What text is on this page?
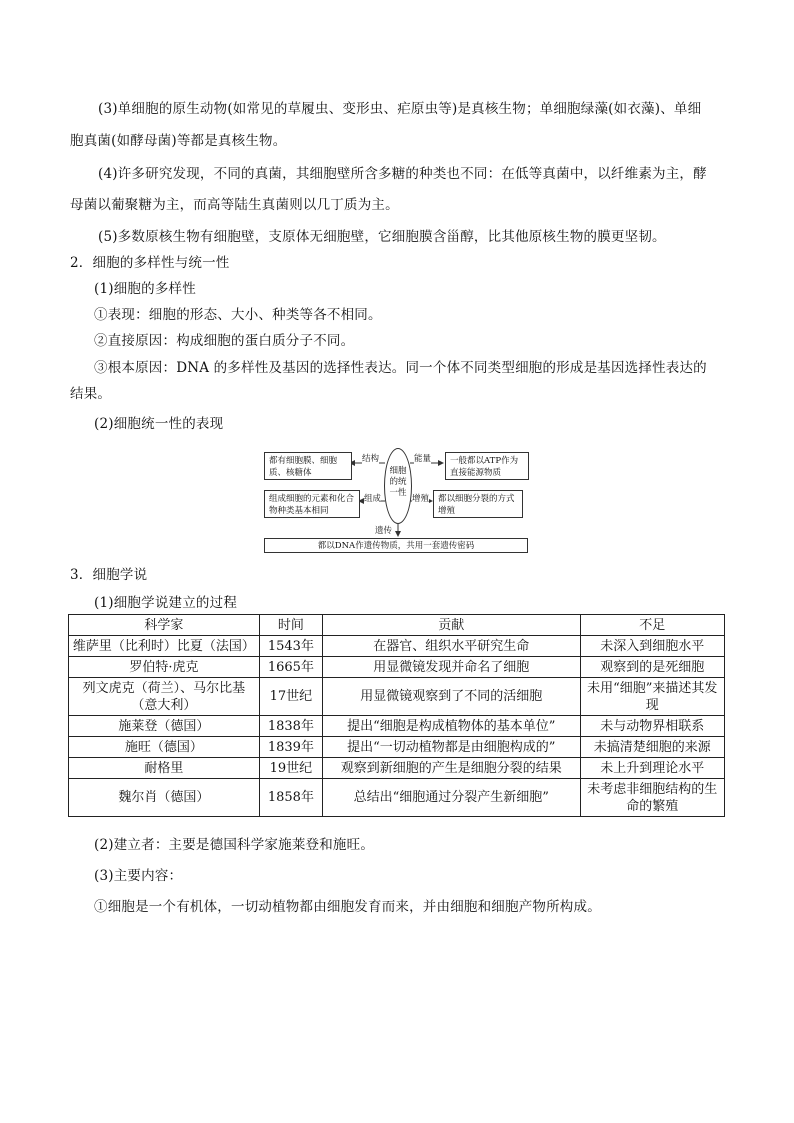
(3)单细胞的原生动物(如常见的草履虫、变形虫、疟原虫等)是真核生物；单细胞绿藻(如衣藻)、单细
胞真菌(如酵母菌)等都是真核生物。
(4)许多研究发现，不同的真菌，其细胞壁所含多糖的种类也不同：在低等真菌中，以纤维素为主，酵
母菌以葡聚糖为主，而高等陆生真菌则以几丁质为主。
(5)多数原核生物有细胞壁，支原体无细胞壁，它细胞膜含甾醇，比其他原核生物的膜更坚韧。
2．细胞的多样性与统一性
(1)细胞的多样性
①表现：细胞的形态、大小、种类等各不相同。
②直接原因：构成细胞的蛋白质分子不同。
③根本原因：DNA 的多样性及基因的选择性表达。同一个体不同类型细胞的形成是基因选择性表达的
结果。
(2)细胞统一性的表现
都有细胞膜、细胞质、核糖体
一般都以ATP作为直接能源物质
组成细胞的元素和化合物种类基本相同
都以细胞分裂的方式增殖
都以DNA作遗传物质，共用一套遗传密码
结构	能量
组成	增殖
遗传
细胞
的统
一性
3．细胞学说
(1)细胞学说建立的过程
科学家	时间	贡献	不足
维萨里（比利时）比夏（法国）	1543年	在器官、组织水平研究生命	未深入到细胞水平
罗伯特·虎克	1665年	用显微镜发现并命名了细胞	观察到的是死细胞
列文虎克（荷兰）、马尔比基（意大利）	17世纪	用显微镜观察到了不同的活细胞	未用“细胞”来描述其发现
施莱登（德国）	1838年	提出“细胞是构成植物体的基本单位”	未与动物界相联系
施旺（德国）	1839年	提出“一切动植物都是由细胞构成的”	未搞清楚细胞的来源
耐格里	19世纪	观察到新细胞的产生是细胞分裂的结果	未上升到理论水平
魏尔肖（德国）	1858年	总结出“细胞通过分裂产生新细胞”	未考虑非细胞结构的生命的繁殖
(2)建立者：主要是德国科学家施莱登和施旺。
(3)主要内容：
①细胞是一个有机体，一切动植物都由细胞发育而来，并由细胞和细胞产物所构成。
